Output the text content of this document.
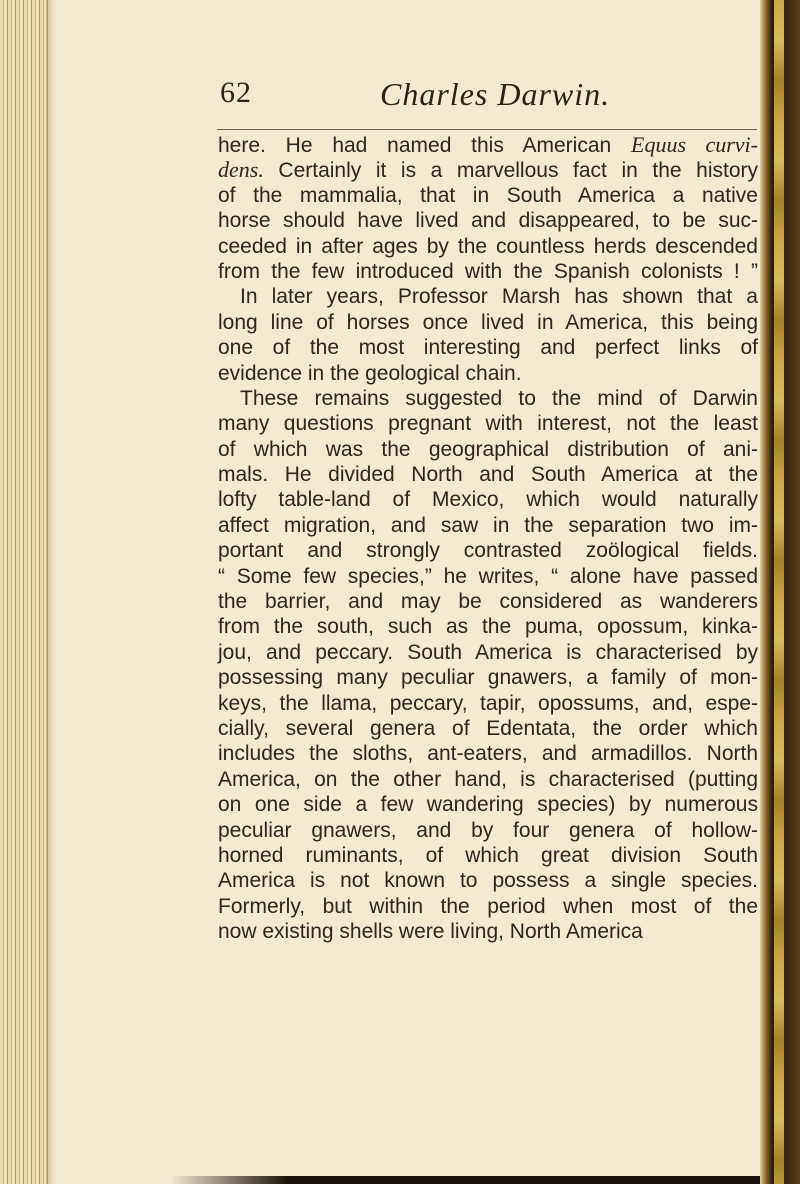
62	Charles Darwin.
here. He had named this American Equus curvi-
dens. Certainly it is a marvellous fact in the history
of the mammalia, that in South America a native
horse should have lived and disappeared, to be suc-
ceeded in after ages by the countless herds descended
from the few introduced with the Spanish colonists ! ”
In later years, Professor Marsh has shown that a
long line of horses once lived in America, this being
one of the most interesting and perfect links of
evidence in the geological chain.
These remains suggested to the mind of Darwin
many questions pregnant with interest, not the least
of which was the geographical distribution of ani-
mals. He divided North and South America at the
lofty table-land of Mexico, which would naturally
affect migration, and saw in the separation two im-
portant and strongly contrasted zoölogical fields.
“ Some few species,” he writes, “ alone have passed
the barrier, and may be considered as wanderers
from the south, such as the puma, opossum, kinka-
jou, and peccary. South America is characterised by
possessing many peculiar gnawers, a family of mon-
keys, the llama, peccary, tapir, opossums, and, espe-
cially, several genera of Edentata, the order which
includes the sloths, ant-eaters, and armadillos. North
America, on the other hand, is characterised (putting
on one side a few wandering species) by numerous
peculiar gnawers, and by four genera of hollow-
horned ruminants, of which great division South
America is not known to possess a single species.
Formerly, but within the period when most of the
now existing shells were living, North America
